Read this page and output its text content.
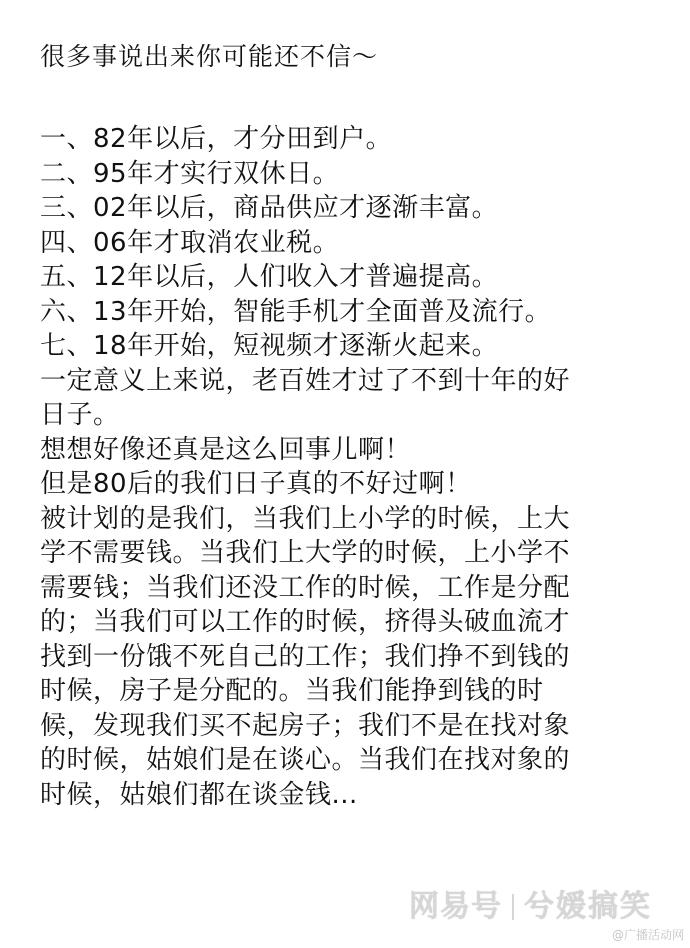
很多事说出来你可能还不信～
一、82年以后，才分田到户。
二、95年才实行双休日。
三、02年以后，商品供应才逐渐丰富。
四、06年才取消农业税。
五、12年以后，人们收入才普遍提高。
六、13年开始，智能手机才全面普及流行。
七、18年开始，短视频才逐渐火起来。
一定意义上来说，老百姓才过了不到十年的好
日子。
想想好像还真是这么回事儿啊！
但是80后的我们日子真的不好过啊！
被计划的是我们，当我们上小学的时候，上大
学不需要钱。当我们上大学的时候，上小学不
需要钱；当我们还没工作的时候，工作是分配
的；当我们可以工作的时候，挤得头破血流才
找到一份饿不死自己的工作；我们挣不到钱的
时候，房子是分配的。当我们能挣到钱的时
候，发现我们买不起房子；我们不是在找对象
的时候，姑娘们是在谈心。当我们在找对象的
时候，姑娘们都在谈金钱...
网易号 兮媛搞笑
@广播活动网
